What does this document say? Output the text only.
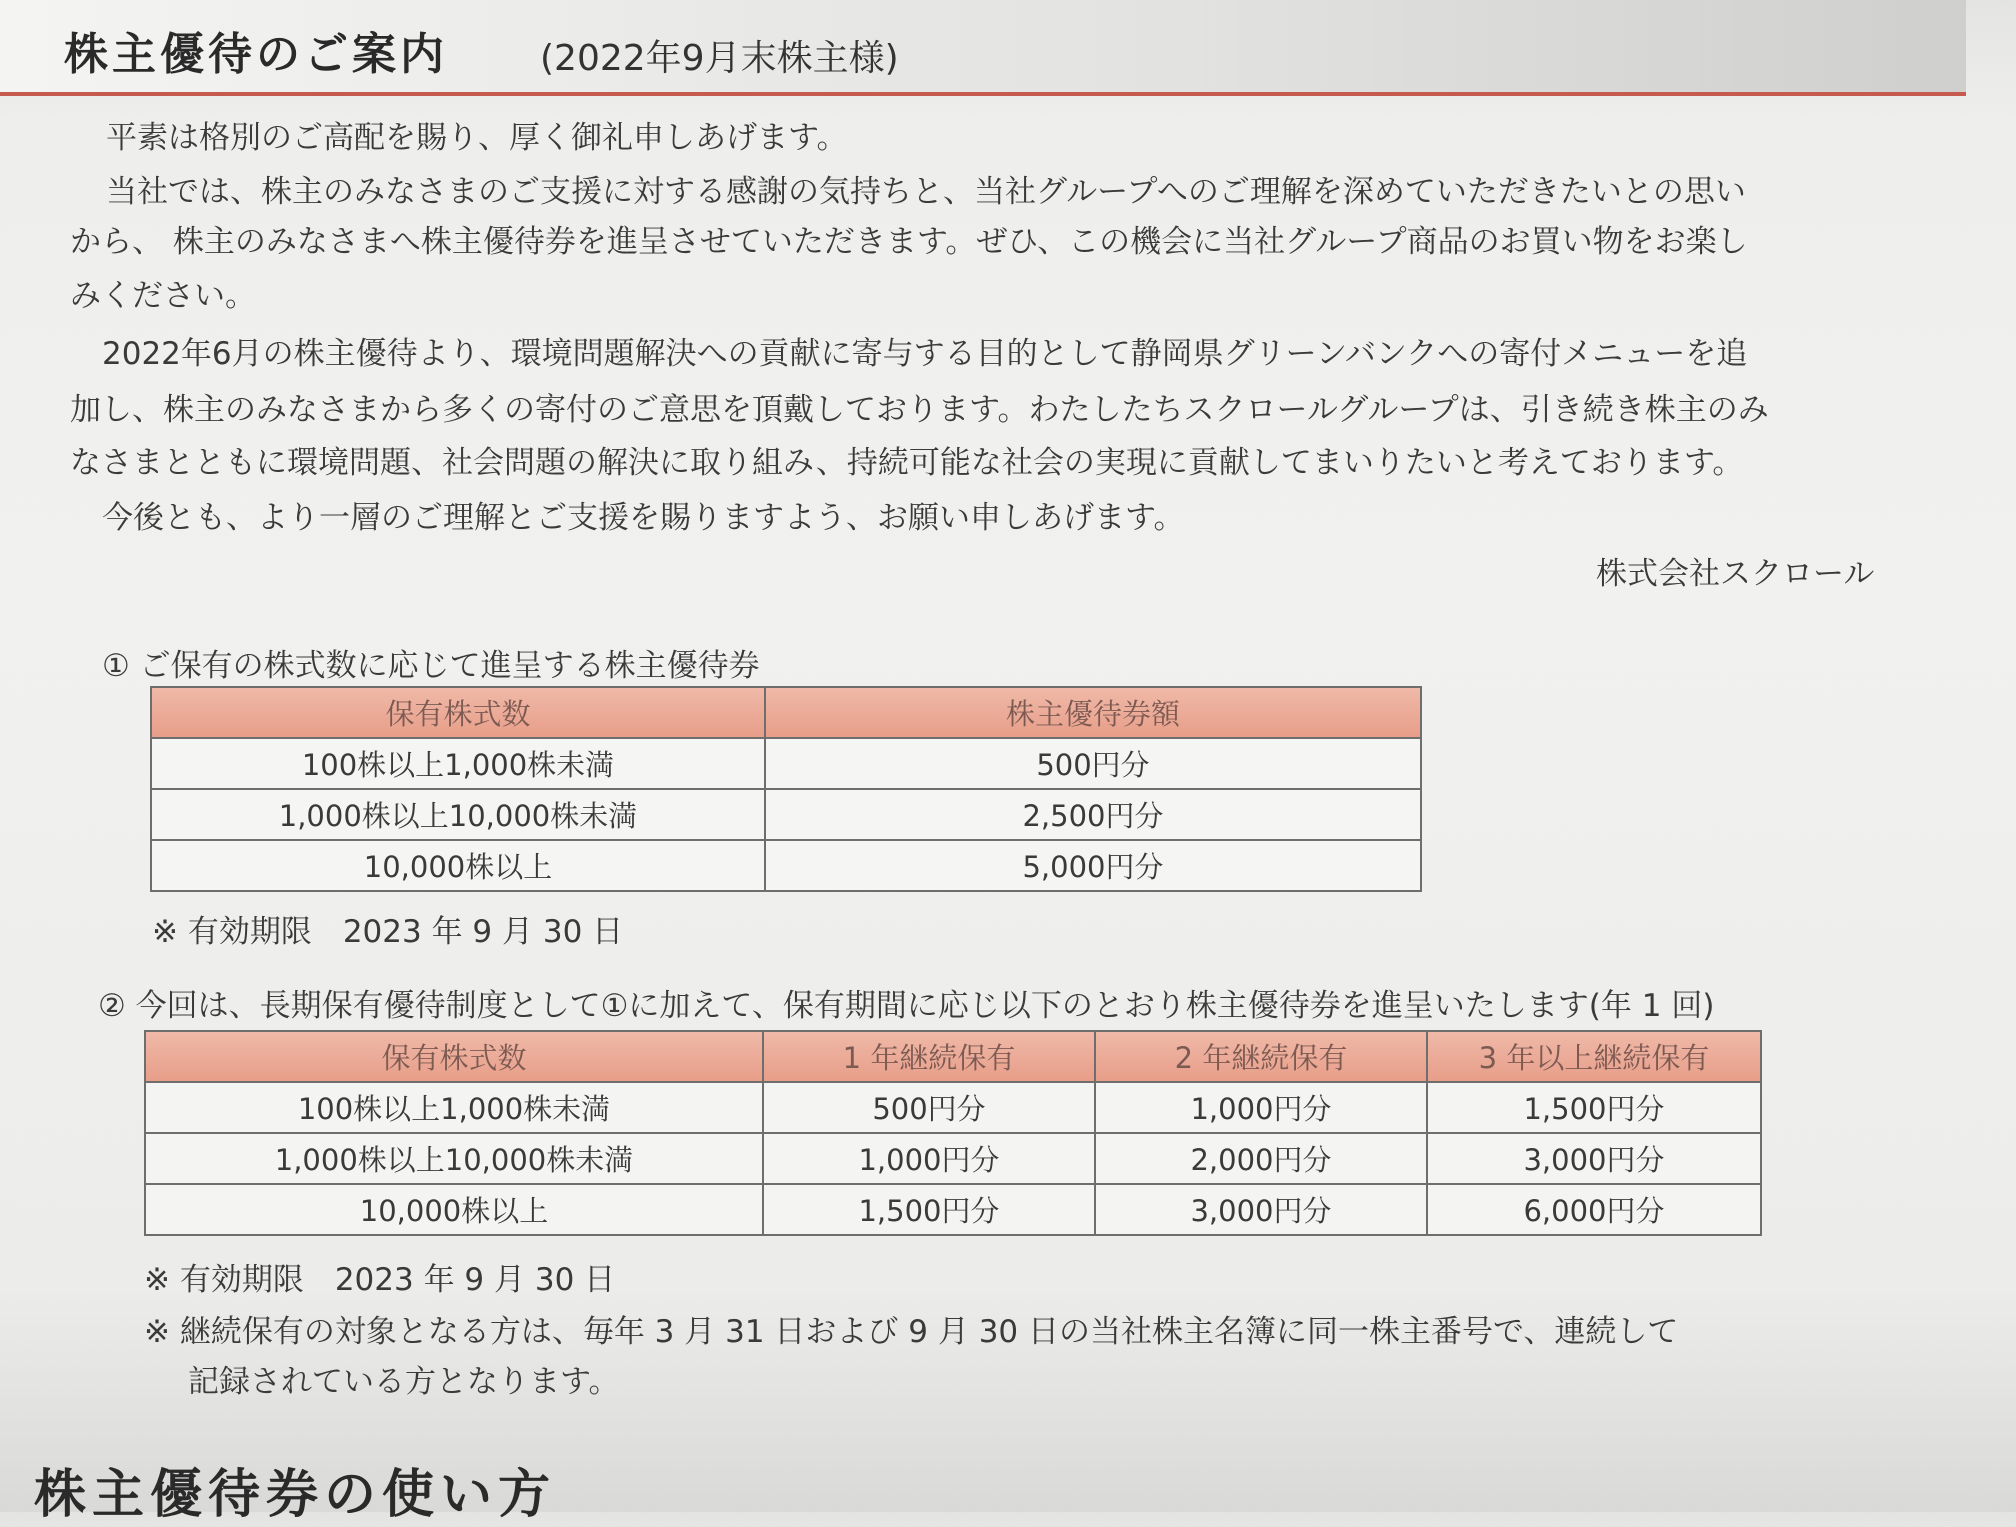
株主優待のご案内	(2022年9月末株主様)
平素は格別のご高配を賜り、厚く御礼申しあげます。
当社では、株主のみなさまのご支援に対する感謝の気持ちと、当社グループへのご理解を深めていただきたいとの思い
から、 株主のみなさまへ株主優待券を進呈させていただきます。ぜひ、この機会に当社グループ商品のお買い物をお楽し
みください。
2022年6月の株主優待より、環境問題解決への貢献に寄与する目的として静岡県グリーンバンクへの寄付メニューを追
加し、株主のみなさまから多くの寄付のご意思を頂戴しております。わたしたちスクロールグループは、引き続き株主のみ
なさまとともに環境問題、社会問題の解決に取り組み、持続可能な社会の実現に貢献してまいりたいと考えております。
今後とも、より一層のご理解とご支援を賜りますよう、お願い申しあげます。
株式会社スクロール
① ご保有の株式数に応じて進呈する株主優待券
保有株式数	株主優待券額
100株以上1,000株未満	500円分
1,000株以上10,000株未満	2,500円分
10,000株以上	5,000円分
※ 有効期限　2023 年 9 月 30 日
② 今回は、長期保有優待制度として①に加えて、保有期間に応じ以下のとおり株主優待券を進呈いたします(年 1 回)
保有株式数	1 年継続保有	2 年継続保有	3 年以上継続保有
100株以上1,000株未満	500円分	1,000円分	1,500円分
1,000株以上10,000株未満	1,000円分	2,000円分	3,000円分
10,000株以上	1,500円分	3,000円分	6,000円分
※ 有効期限　2023 年 9 月 30 日
※ 継続保有の対象となる方は、毎年 3 月 31 日および 9 月 30 日の当社株主名簿に同一株主番号で、連続して
記録されている方となります。
株主優待券の使い方
